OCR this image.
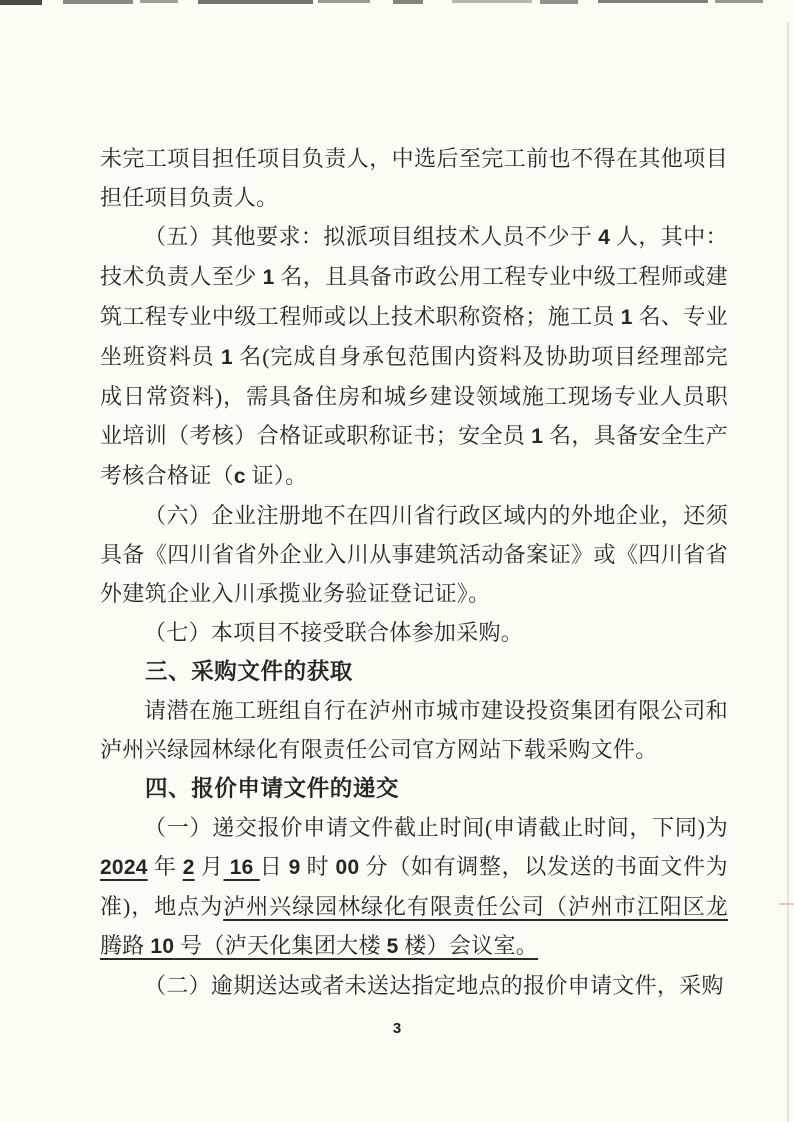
未完工项目担任项目负责人，中选后至完工前也不得在其他项目担任项目负责人。

（五）其他要求：拟派项目组技术人员不少于 4 人，其中：技术负责人至少 1 名，且具备市政公用工程专业中级工程师或建筑工程专业中级工程师或以上技术职称资格；施工员 1 名、专业坐班资料员 1 名(完成自身承包范围内资料及协助项目经理部完成日常资料)，需具备住房和城乡建设领域施工现场专业人员职业培训（考核）合格证或职称证书；安全员 1 名，具备安全生产考核合格证（c 证）。

（六）企业注册地不在四川省行政区域内的外地企业，还须具备《四川省省外企业入川从事建筑活动备案证》或《四川省省外建筑企业入川承揽业务验证登记证》。

（七）本项目不接受联合体参加采购。

三、采购文件的获取

请潜在施工班组自行在泸州市城市建设投资集团有限公司和泸州兴绿园林绿化有限责任公司官方网站下载采购文件。

四、报价申请文件的递交

（一）递交报价申请文件截止时间(申请截止时间，下同)为2024 年 2 月 16 日 9 时 00 分（如有调整，以发送的书面文件为准)，地点为泸州兴绿园林绿化有限责任公司（泸州市江阳区龙腾路 10 号（泸天化集团大楼 5 楼）会议室。

（二）逾期送达或者未送达指定地点的报价申请文件，采购

3
